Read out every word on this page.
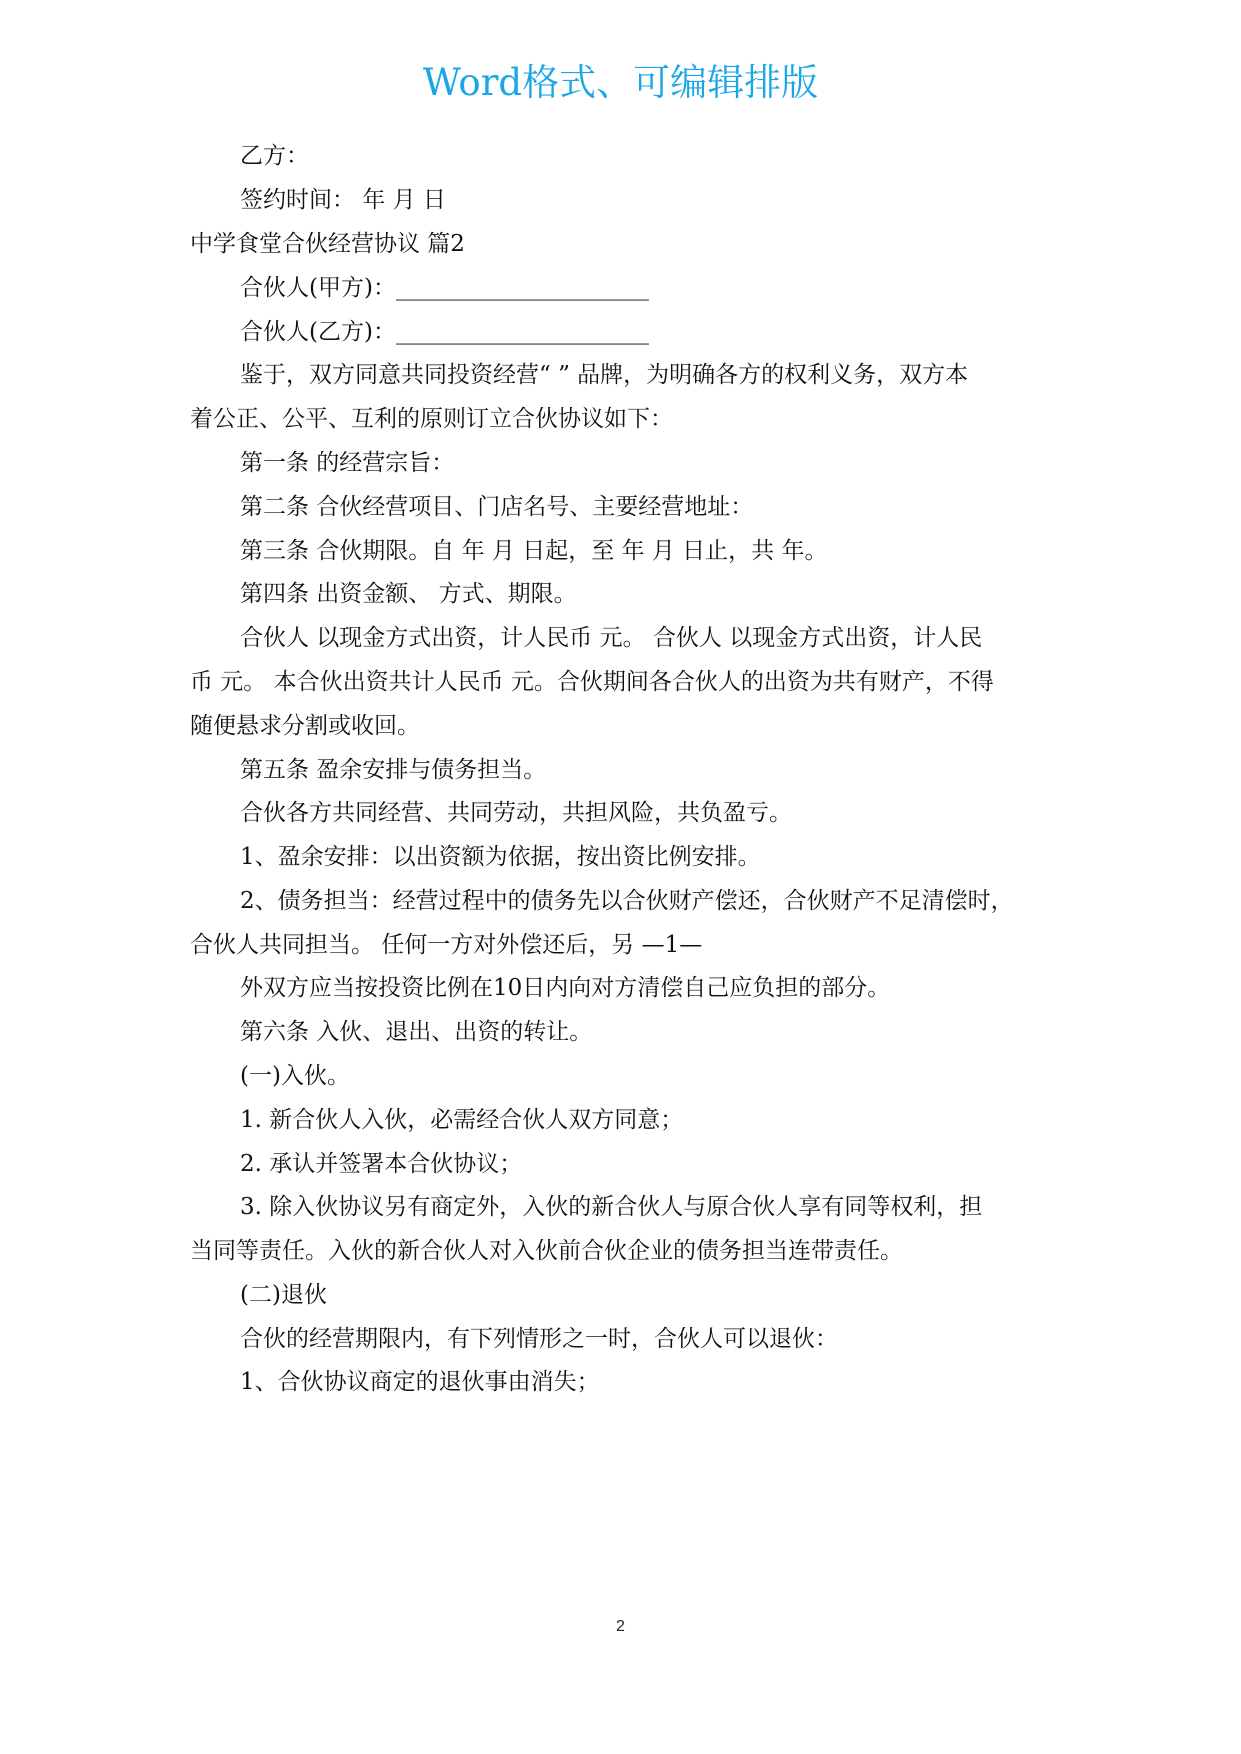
Word格式、可编辑排版
乙方：
签约时间： 年 月 日
中学食堂合伙经营协议 篇2
合伙人(甲方)：______________________
合伙人(乙方)：______________________
鉴于，双方同意共同投资经营“ ” 品牌，为明确各方的权利义务，双方本
着公正、公平、互利的原则订立合伙协议如下：
第一条 的经营宗旨：
第二条 合伙经营项目、门店名号、主要经营地址：
第三条 合伙期限。自 年 月 日起，至 年 月 日止，共 年。
第四条 出资金额、 方式、期限。
合伙人 以现金方式出资，计人民币 元。 合伙人 以现金方式出资，计人民
币 元。 本合伙出资共计人民币 元。合伙期间各合伙人的出资为共有财产，不得
随便悬求分割或收回。
第五条 盈余安排与债务担当。
合伙各方共同经营、共同劳动，共担风险，共负盈亏。
1、盈余安排：以出资额为依据，按出资比例安排。
2、债务担当：经营过程中的债务先以合伙财产偿还，合伙财产不足清偿时，
合伙人共同担当。 任何一方对外偿还后，另 —1—
外双方应当按投资比例在10日内向对方清偿自己应负担的部分。
第六条 入伙、退出、出资的转让。
(一)入伙。
1. 新合伙人入伙，必需经合伙人双方同意；
2. 承认并签署本合伙协议；
3. 除入伙协议另有商定外，入伙的新合伙人与原合伙人享有同等权利，担
当同等责任。入伙的新合伙人对入伙前合伙企业的债务担当连带责任。
(二)退伙
合伙的经营期限内，有下列情形之一时，合伙人可以退伙：
1、合伙协议商定的退伙事由消失；
2
